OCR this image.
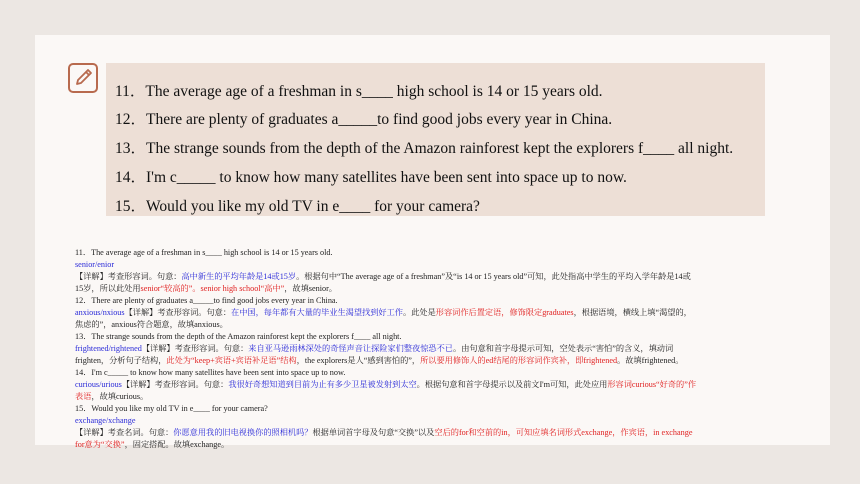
11．The average age of a freshman in s____ high school is 14 or 15 years old.
12．There are plenty of graduates a_____to find good jobs every year in China.
13．The strange sounds from the depth of the Amazon rainforest kept the explorers f____ all night.
14．I'm c_____ to know how many satellites have been sent into space up to now.
15．Would you like my old TV in e____ for your camera?
11．The average age of a freshman in s____ high school is 14 or 15 years old.
senior/enior
【详解】考查形容词。句意：高中新生的平均年龄是14或15岁。根据句中“The average age of a freshman”及“is 14 or 15 years old”可知，此处指高中学生的平均入学年龄是14或
15岁，所以此处用senior“较高的”。senior high school“高中”，故填senior。
12．There are plenty of graduates a_____to find good jobs every year in China.
anxious/nxious【详解】考查形容词。句意：在中国，每年都有大量的毕业生渴望找到好工作。此处是形容词作后置定语，修饰限定graduates，根据语境，横线上填“渴望的，
焦虑的”，anxious符合题意，故填anxious。
13．The strange sounds from the depth of the Amazon rainforest kept the explorers f____ all night.
frightened/rightened【详解】考查形容词。句意：来自亚马逊雨林深处的奇怪声音让探险家们整夜惊恐不已。由句意和首字母提示可知，空处表示“害怕”的含义，填动词
frighten，分析句子结构，此处为“keep+宾语+宾语补足语”结构，the explorers是人“感到害怕的”，所以要用修饰人的ed结尾的形容词作宾补，即frightened。故填frightened。
14．I'm c_____ to know how many satellites have been sent into space up to now.
curious/urious【详解】考查形容词。句意：我很好奇想知道到目前为止有多少卫星被发射到太空。根据句意和首字母提示以及前文I'm可知，此处应用形容词curious“好奇的”作
表语，故填curious。
15．Would you like my old TV in e____ for your camera?
exchange/xchange
【详解】考查名词。句意：你愿意用我的旧电视换你的照相机吗？根据单词首字母及句意“交换”以及空后的for和空前的in，可知应填名词形式exchange，作宾语，in exchange
for意为“交换”，固定搭配。故填exchange。
